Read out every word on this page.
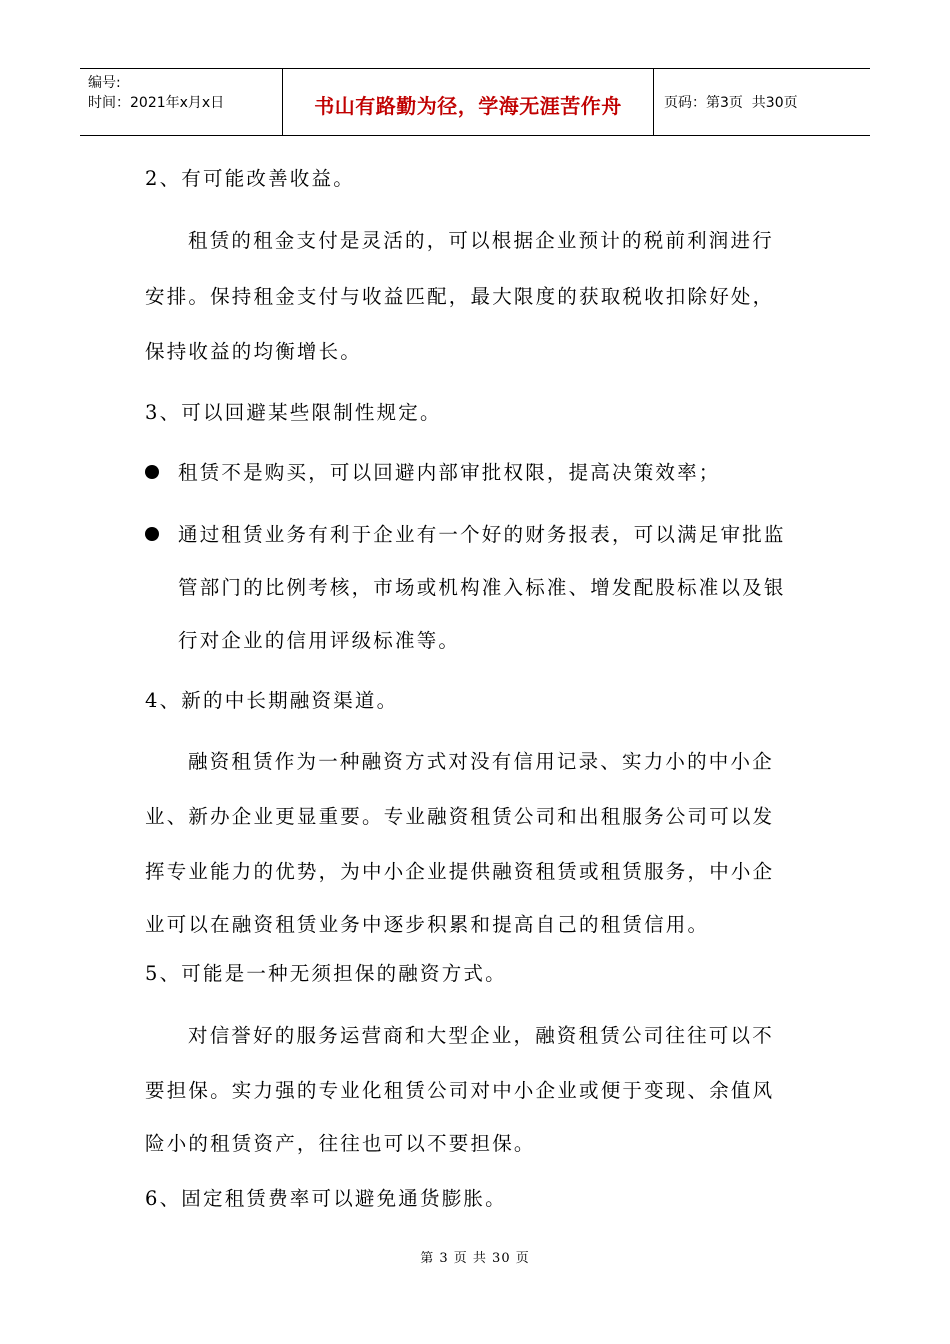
编号:
时间：2021年x月x日	书山有路勤为径，学海无涯苦作舟	页码：第3页  共30页
2、有可能改善收益。
租赁的租金支付是灵活的，可以根据企业预计的税前利润进行
安排。保持租金支付与收益匹配，最大限度的获取税收扣除好处，
保持收益的均衡增长。
3、可以回避某些限制性规定。
租赁不是购买，可以回避内部审批权限，提高决策效率；
通过租赁业务有利于企业有一个好的财务报表，可以满足审批监
管部门的比例考核，市场或机构准入标准、增发配股标准以及银
行对企业的信用评级标准等。
4、新的中长期融资渠道。
融资租赁作为一种融资方式对没有信用记录、实力小的中小企
业、新办企业更显重要。专业融资租赁公司和出租服务公司可以发
挥专业能力的优势，为中小企业提供融资租赁或租赁服务，中小企
业可以在融资租赁业务中逐步积累和提高自己的租赁信用。
5、可能是一种无须担保的融资方式。
对信誉好的服务运营商和大型企业，融资租赁公司往往可以不
要担保。实力强的专业化租赁公司对中小企业或便于变现、余值风
险小的租赁资产，往往也可以不要担保。
6、固定租赁费率可以避免通货膨胀。
第 3 页 共 30 页
